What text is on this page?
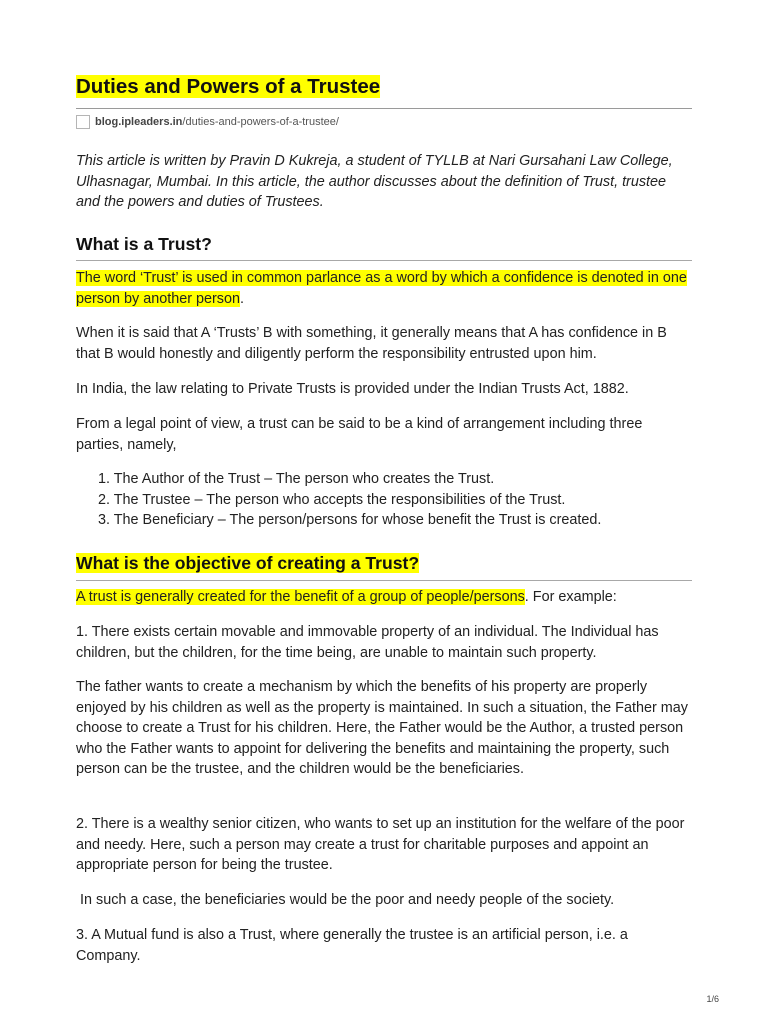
Duties and Powers of a Trustee
blog.ipleaders.in /duties-and-powers-of-a-trustee/

This article is written by Pravin D Kukreja, a student of TYLLB at Nari Gursahani Law College, Ulhasnagar, Mumbai. In this article, the author discusses about the definition of Trust, trustee and the powers and duties of Trustees.

What is a Trust?

The word ‘Trust’ is used in common parlance as a word by which a confidence is denoted in one person by another person.

When it is said that A ‘Trusts’ B with something, it generally means that A has confidence in B that B would honestly and diligently perform the responsibility entrusted upon him.

In India, the law relating to Private Trusts is provided under the Indian Trusts Act, 1882.

From a legal point of view, a trust can be said to be a kind of arrangement including three parties, namely,

1. The Author of the Trust – The person who creates the Trust.
2. The Trustee – The person who accepts the responsibilities of the Trust.
3. The Beneficiary – The person/persons for whose benefit the Trust is created.
What is the objective of creating a Trust?

A trust is generally created for the benefit of a group of people/persons. For example:

1. There exists certain movable and immovable property of an individual. The Individual has children, but the children, for the time being, are unable to maintain such property.

The father wants to create a mechanism by which the benefits of his property are properly enjoyed by his children as well as the property is maintained. In such a situation, the Father may choose to create a Trust for his children. Here, the Father would be the Author, a trusted person who the Father wants to appoint for delivering the benefits and maintaining the property, such person can be the trustee, and the children would be the beneficiaries.

2. There is a wealthy senior citizen, who wants to set up an institution for the welfare of the poor and needy. Here, such a person may create a trust for charitable purposes and appoint an appropriate person for being the trustee.

In such a case, the beneficiaries would be the poor and needy people of the society.

3. A Mutual fund is also a Trust, where generally the trustee is an artificial person, i.e. a Company.

1/6
